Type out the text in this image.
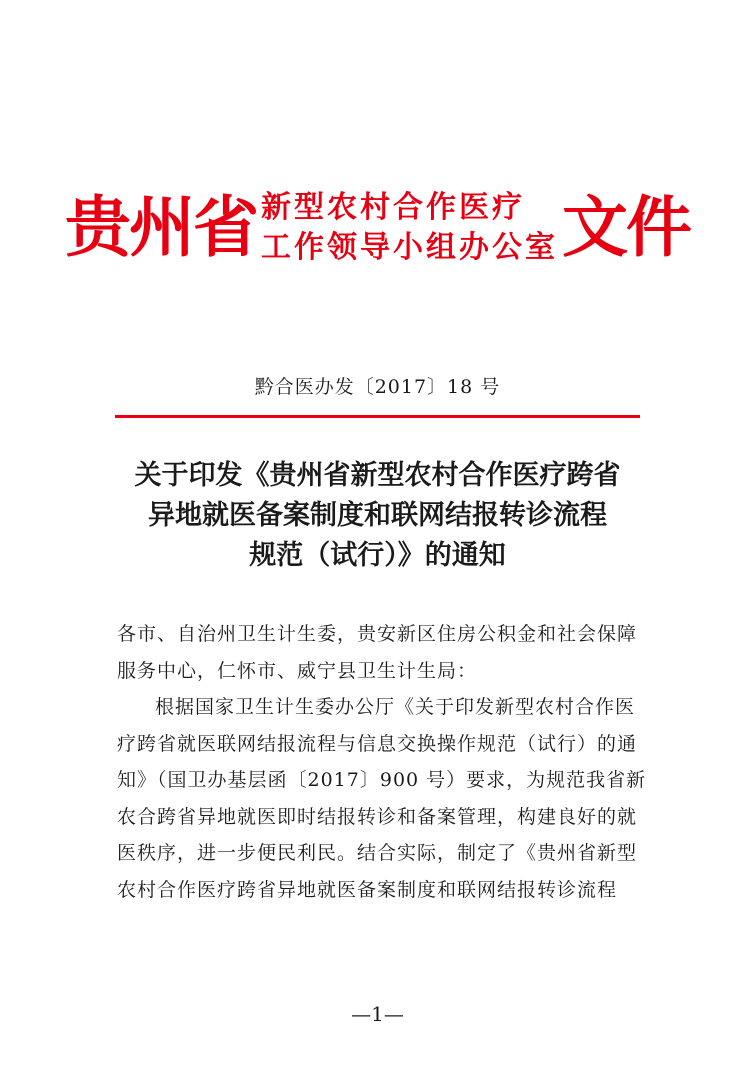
贵州省 新型农村合作医疗
工作领导小组办公室 文件
黔合医办发〔2017〕18 号
关于印发《贵州省新型农村合作医疗跨省
异地就医备案制度和联网结报转诊流程
规范（试行）》的通知

各市、自治州卫生计生委，贵安新区住房公积金和社会保障服务中心，仁怀市、威宁县卫生计生局：

根据国家卫生计生委办公厅《关于印发新型农村合作医疗跨省就医联网结报流程与信息交换操作规范（试行）的通知》（国卫办基层函〔2017〕900 号）要求，为规范我省新农合跨省异地就医即时结报转诊和备案管理，构建良好的就医秩序，进一步便民利民。结合实际，制定了《贵州省新型农村合作医疗跨省异地就医备案制度和联网结报转诊流程

—1—
